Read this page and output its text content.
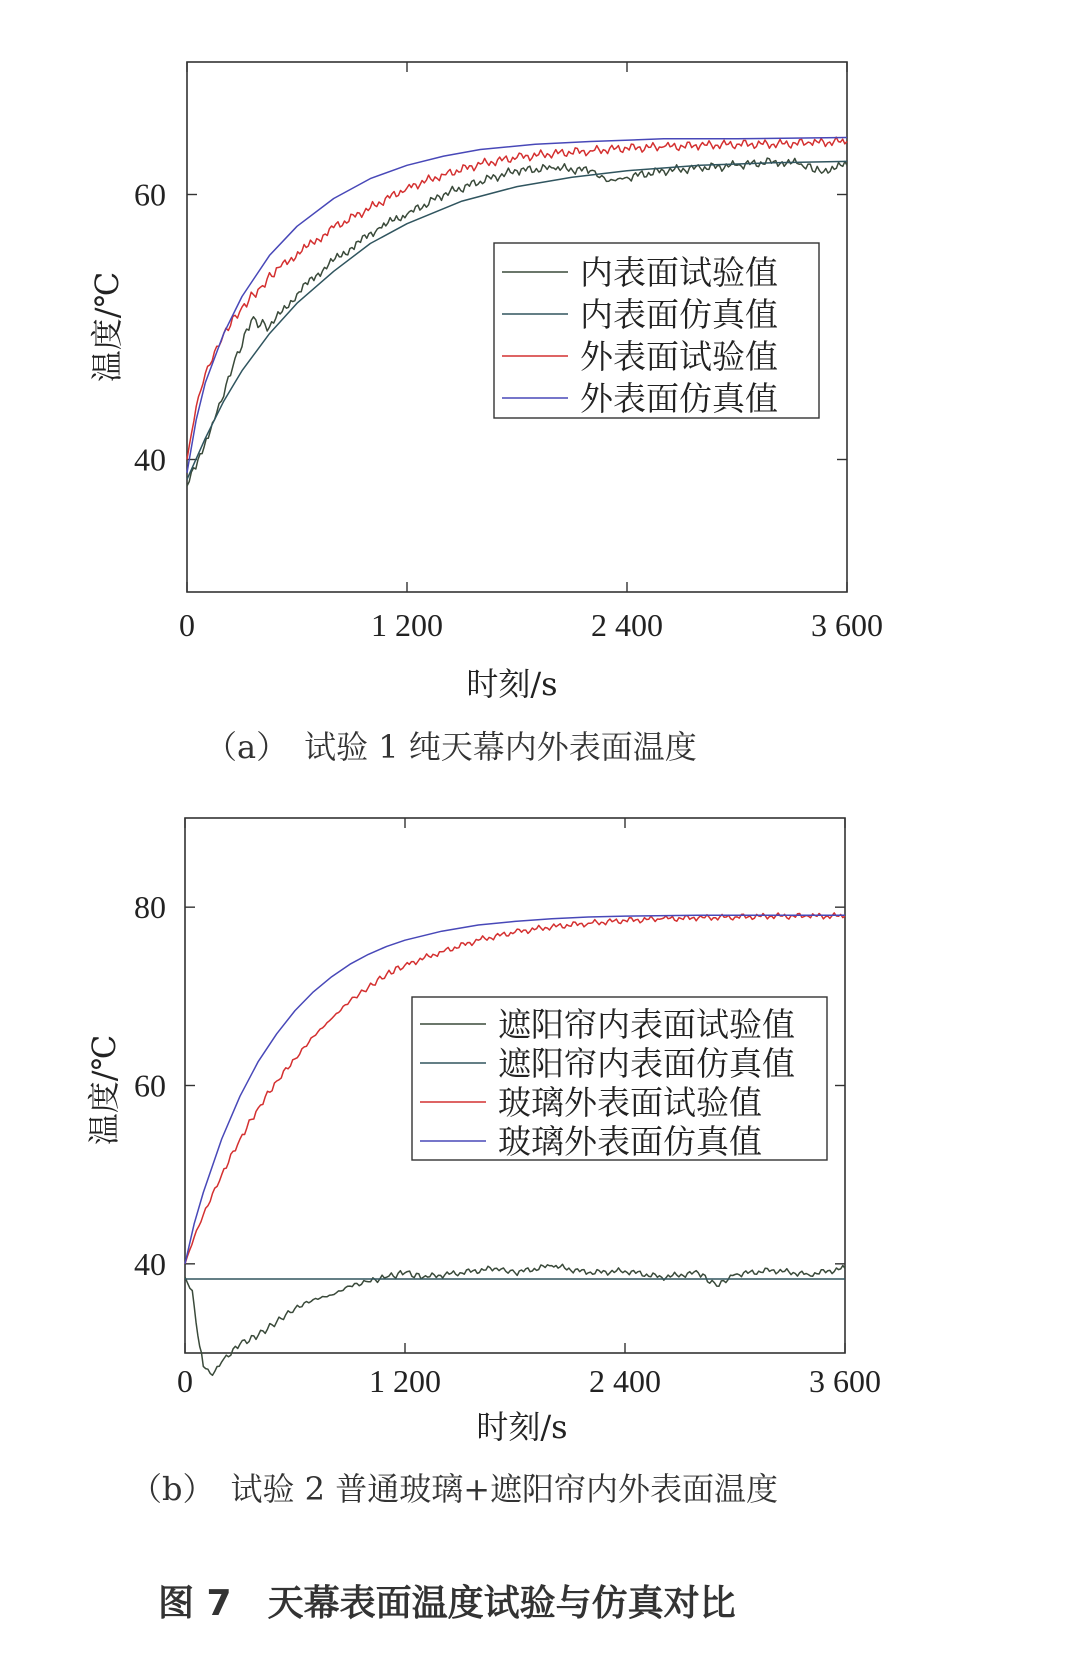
0	1 200	2 400	3 600
40
60
时刻/s
温度/℃	内表面试验值
内表面仿真值
外表面试验值
外表面仿真值
（a）　试验 1 纯天幕内外表面温度
0	1 200	2 400	3 600
40
60
80
时刻/s
温度/℃
遮阳帘内表面试验值
遮阳帘内表面仿真值
玻璃外表面试验值
玻璃外表面仿真值
（b）　试验 2 普通玻璃+遮阳帘内外表面温度
图 7　天幕表面温度试验与仿真对比
